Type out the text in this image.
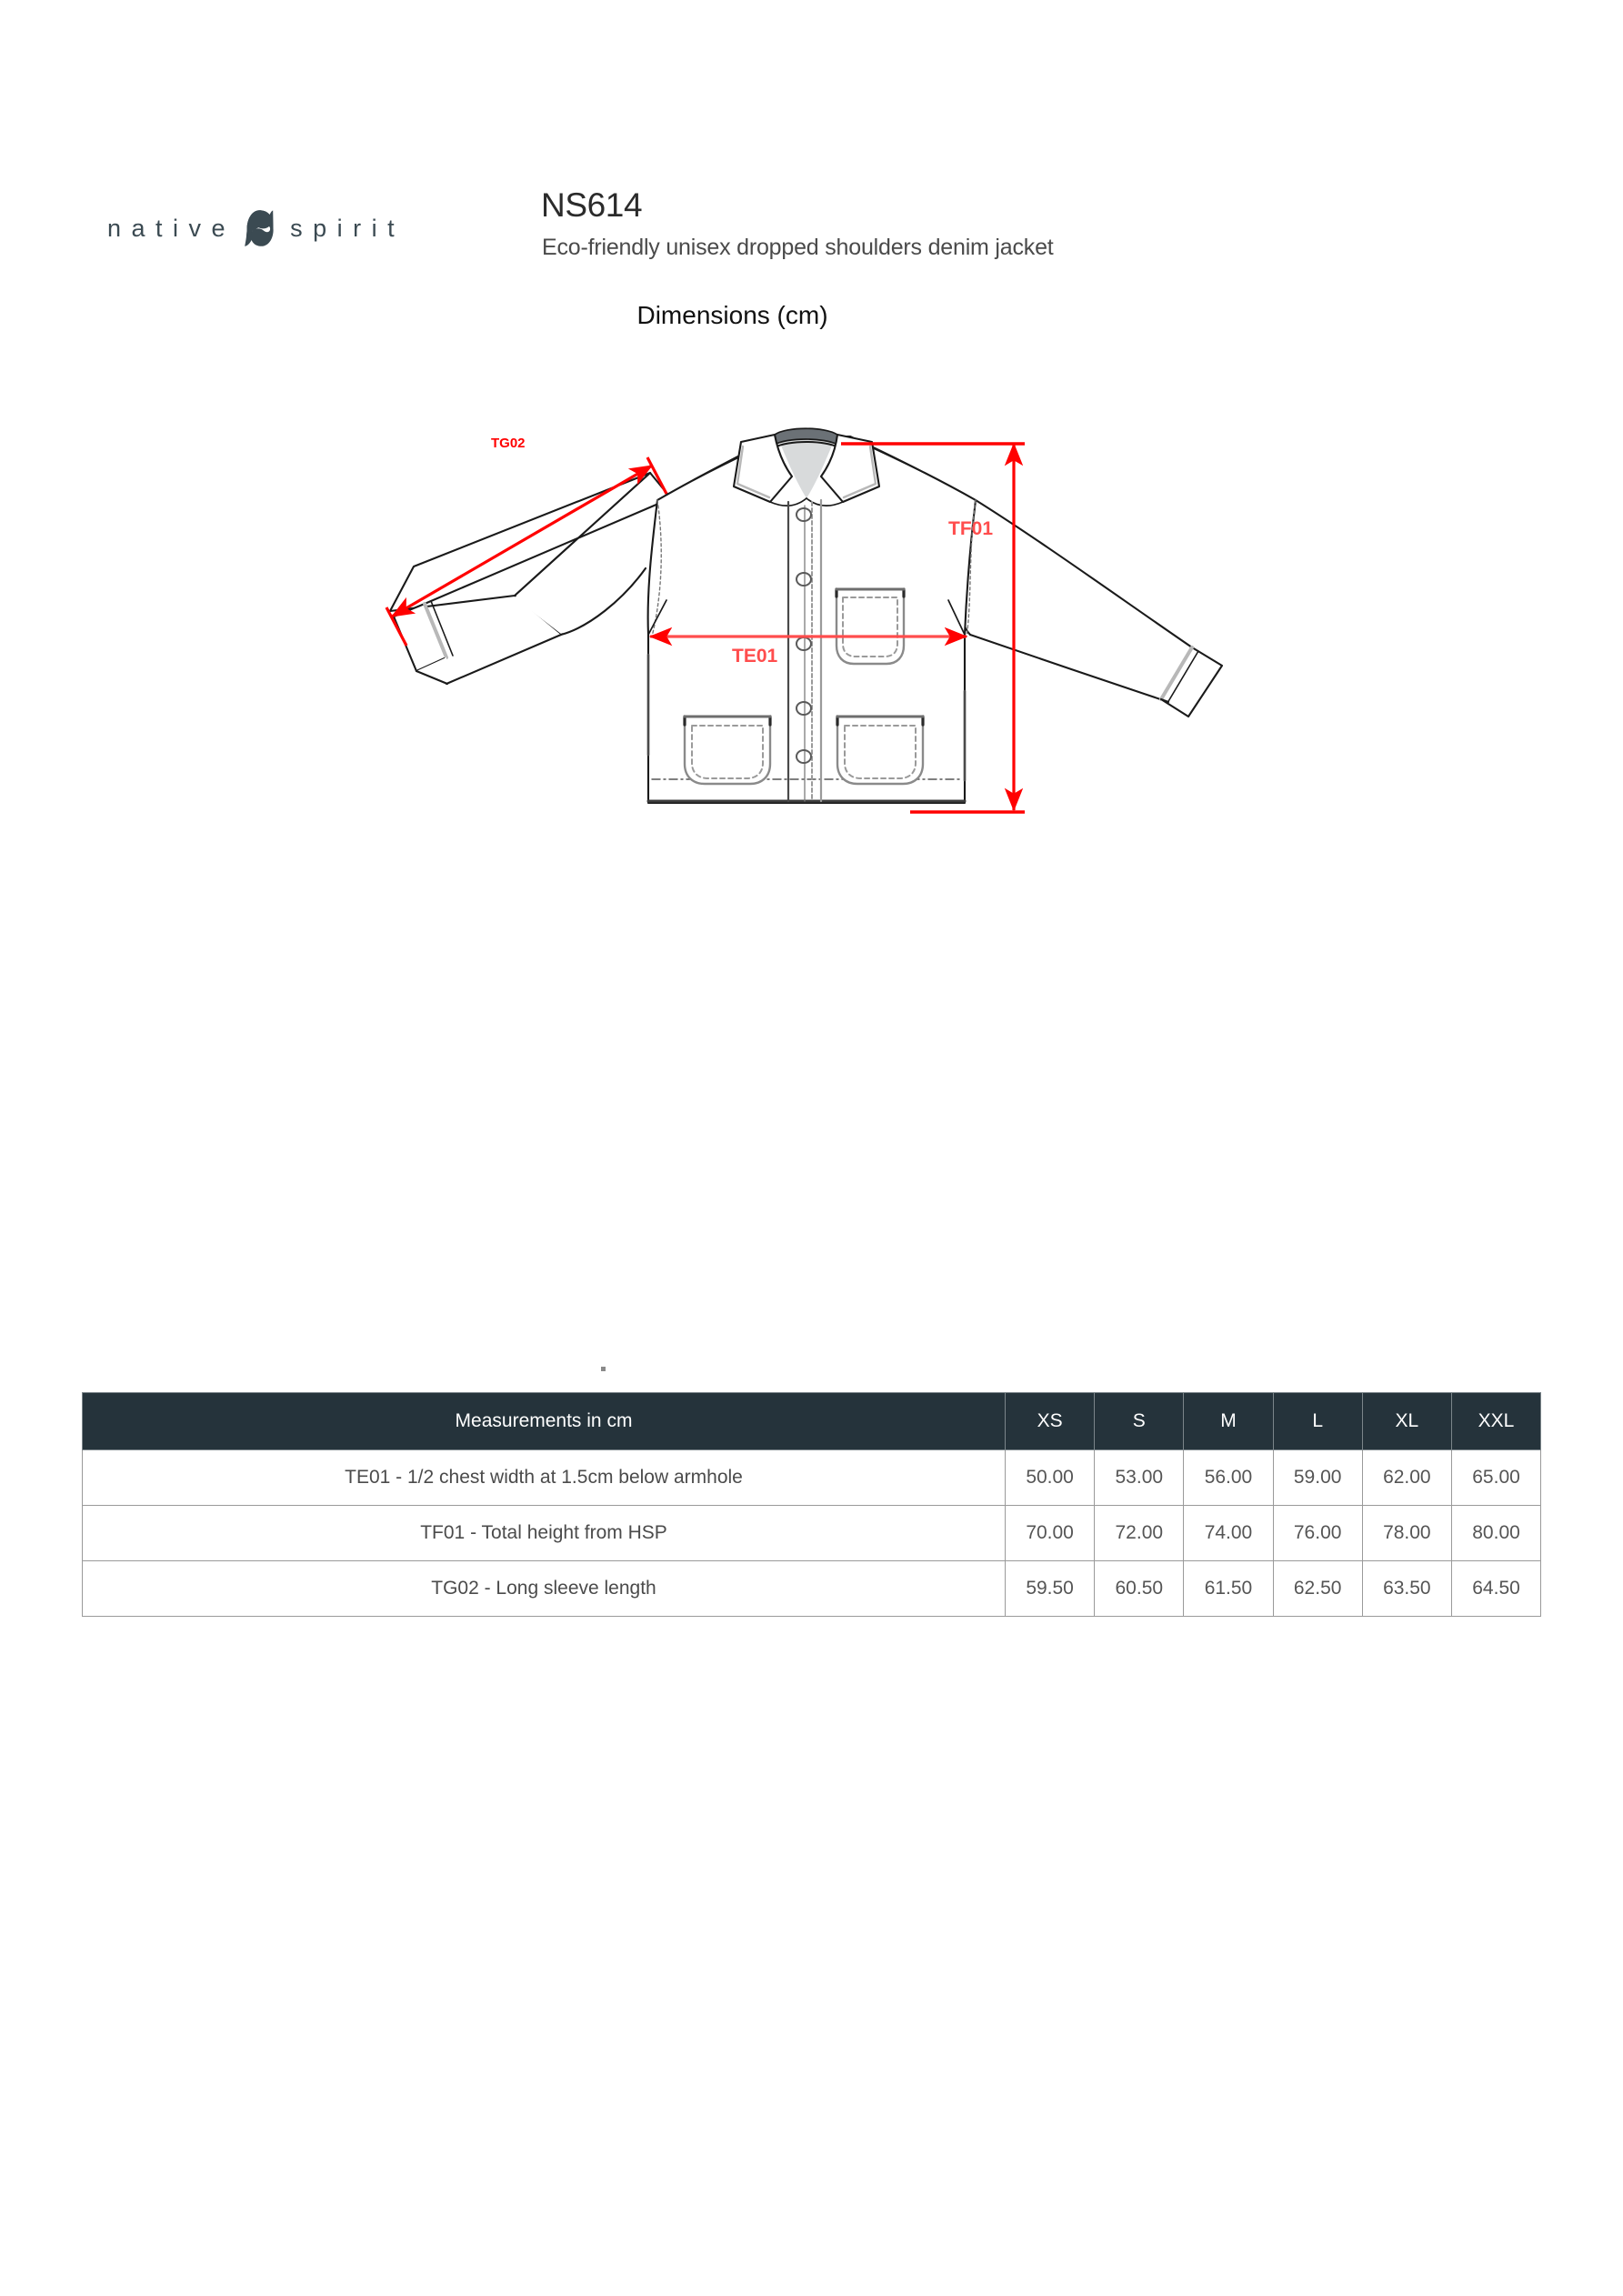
native spirit
NS614
Eco-friendly unisex dropped shoulders denim jacket
Dimensions (cm)
TG02
TF01
TE01
Measurements in cm	XS	S	M	L	XL	XXL
TE01 - 1/2 chest width at 1.5cm below armhole	50.00	53.00	56.00	59.00	62.00	65.00
TF01 - Total height from HSP	70.00	72.00	74.00	76.00	78.00	80.00
TG02 - Long sleeve length	59.50	60.50	61.50	62.50	63.50	64.50
